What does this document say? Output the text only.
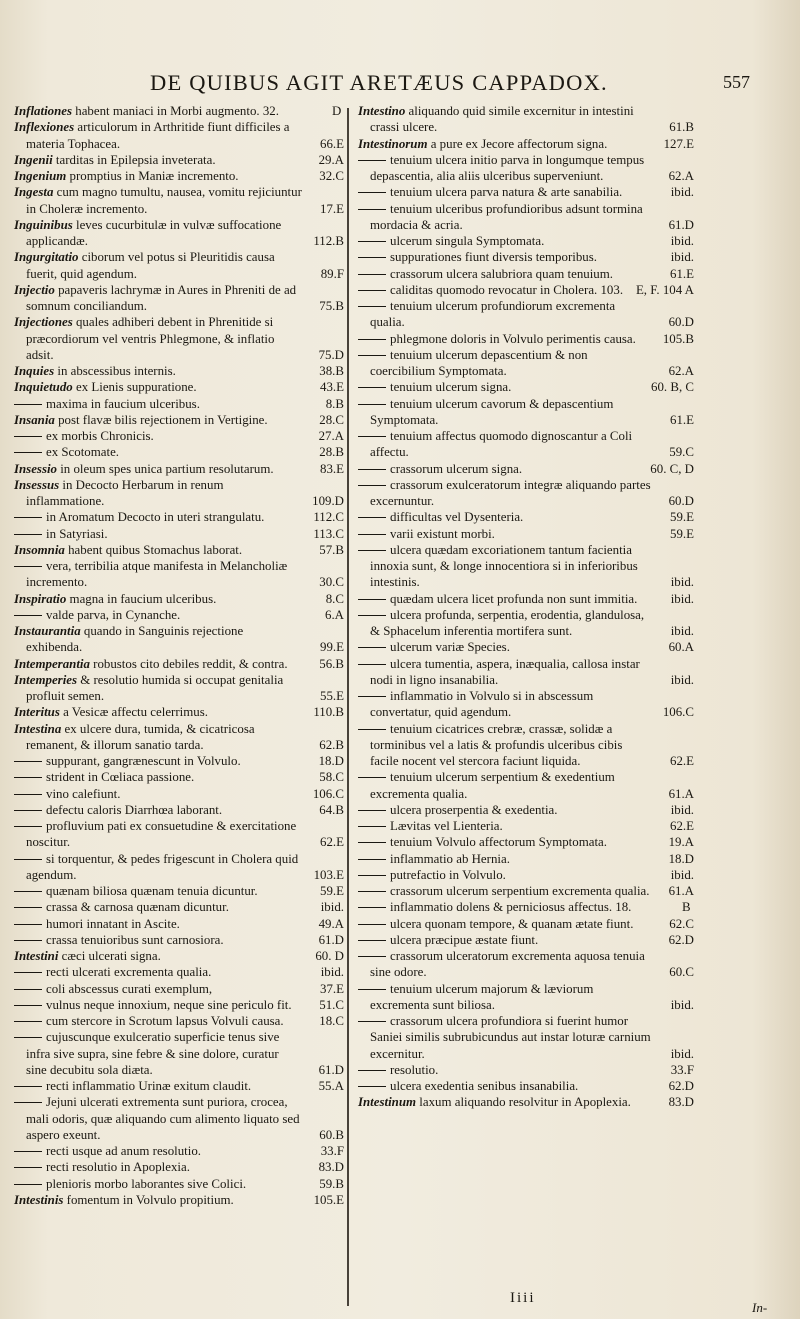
DE QUIBUS AGIT ARETÆUS CAPPADOX.	557
Inflationes habent maniaci in Morbi augmento. 32.	D
Inflexiones articulorum in Arthritide fiunt difficiles a materia Tophacea.	66.E
Ingenii tarditas in Epilepsia inveterata.	29.A
Ingenium promptius in Maniæ incremento.	32.C
Ingesta cum magno tumultu, nausea, vomitu rejiciuntur in Choleræ incremento.	17.E
Inguinibus leves cucurbitulæ in vulvæ suffocatione applicandæ.	112.B
Ingurgitatio ciborum vel potus si Pleuritidis causa fuerit, quid agendum.	89.F
Injectio papaveris lachrymæ in Aures in Phreniti de ad somnum conciliandum.	75.B
Injectiones quales adhiberi debent in Phrenitide si præcordiorum vel ventris Phlegmone, & inflatio adsit.	75.D
Inquies in abscessibus internis.	38.B
Inquietudo ex Lienis suppuratione.	43.E
maxima in faucium ulceribus.	8.B
Insania post flavæ bilis rejectionem in Vertigine.	28.C
ex morbis Chronicis.	27.A
ex Scotomate.	28.B
Insessio in oleum spes unica partium resolutarum.	83.E
Insessus in Decocto Herbarum in renum inflammatione.	109.D
in Aromatum Decocto in uteri strangulatu.	112.C
in Satyriasi.	113.C
Insomnia habent quibus Stomachus laborat.	57.B
vera, terribilia atque manifesta in Melancholiæ incremento.	30.C
Inspiratio magna in faucium ulceribus.	8.C
valde parva, in Cynanche.	6.A
Instaurantia quando in Sanguinis rejectione exhibenda.	99.E
Intemperantia robustos cito debiles reddit, & contra. 56.B
Intemperies & resolutio humida si occupat genitalia profluit semen.	55.E
Interitus a Vesicæ affectu celerrimus.	110.B
Intestina ex ulcere dura, tumida, & cicatricosa remanent, & illorum sanatio tarda.	62.B
suppurant, gangrænescunt in Volvulo.	18.D
strident in Cœliaca passione.	58.C
vino calefiunt.	106.C
defectu caloris Diarrhœa laborant.	64.B
profluvium pati ex consuetudine & exercitatione noscitur.	62.E
si torquentur, & pedes frigescunt in Cholera quid agendum.	103.E
quænam biliosa quænam tenuia dicuntur.	59.E
crassa & carnosa quænam dicuntur.	ibid.
humori innatant in Ascite.	49.A
crassa tenuioribus sunt carnosiora.	61.D
Intestini cæci ulcerati signa.	60. D
recti ulcerati excrementa qualia.	ibid.
coli abscessus curati exemplum,	37.E
vulnus neque innoxium, neque sine periculo fit. 51.C
cum stercore in Scrotum lapsus Volvuli causa.	18.C
cujuscunque exulceratio superficie tenus sive infra sive supra, sine febre & sine dolore, curatur sine decubitu sola diæta.	61.D
recti inflammatio Urinæ exitum claudit.	55.A
Jejuni ulcerati extrementa sunt puriora, crocea, mali odoris, quæ aliquando cum alimento liquato sed aspero exeunt.	60.B
recti usque ad anum resolutio.	33.F
recti resolutio in Apoplexia.	83.D
plenioris morbo laborantes sive Colici.	59.B
Intestinis fomentum in Volvulo propitium.	105.E
Intestino aliquando quid simile excernitur in intestini crassi ulcere.	61.B
Intestinorum a pure ex Jecore affectorum signa.	127.E
tenuium ulcera initio parva in longumque tempus depascentia, alia aliis ulceribus superveniunt.	62.A
tenuium ulcera parva natura & arte sanabilia.	ibid.
tenuium ulceribus profundioribus adsunt tormina mordacia & acria.	61.D
ulcerum singula Symptomata.	ibid.
suppurationes fiunt diversis temporibus.	ibid.
crassorum ulcera salubriora quam tenuium.	61.E
caliditas quomodo revocatur in Cholera. 103. E, F. 104 A
tenuium ulcerum profundiorum excrementa qualia.	60.D
phlegmone doloris in Volvulo perimentis causa. 105.B
tenuium ulcerum depascentium & non coercibilium Symptomata.	62.A
tenuium ulcerum signa.	60. B, C
tenuium ulcerum cavorum & depascentium Symptomata.	61.E
tenuium affectus quomodo dignoscantur a Coli affectu.	59.C
crassorum ulcerum signa.	60. C, D
crassorum exulceratorum integræ aliquando partes excernuntur.	60.D
difficultas vel Dysenteria.	59.E
varii existunt morbi.	59.E
ulcera quædam excoriationem tantum facientia innoxia sunt, & longe innocentiora si in inferioribus intestinis.	ibid.
quædam ulcera licet profunda non sunt immitia.	ibid.
ulcera profunda, serpentia, erodentia, glandulosa, & Sphacelum inferentia mortifera sunt.	ibid.
ulcerum variæ Species.	60.A
ulcera tumentia, aspera, inæqualia, callosa instar nodi in ligno insanabilia.	ibid.
inflammatio in Volvulo si in abscessum convertatur, quid agendum.	106.C
tenuium cicatrices crebræ, crassæ, solidæ a torminibus vel a latis & profundis ulceribus cibis facile nocent vel stercora faciunt liquida.	62.E
tenuium ulcerum serpentium & exedentium excrementa qualia.	61.A
ulcera proserpentia & exedentia.	ibid.
Lævitas vel Lienteria.	62.E
tenuium Volvulo affectorum Symptomata.	19.A
inflammatio ab Hernia.	18.D
putrefactio in Volvulo.	ibid.
crassorum ulcerum serpentium excrementa qualia. 61.A
inflammatio dolens & perniciosus affectus. 18.	B
ulcera quonam tempore, & quanam ætate fiunt.	62.C
ulcera præcipue æstate fiunt.	62.D
crassorum ulceratorum excrementa aquosa tenuia sine odore.	60.C
tenuium ulcerum majorum & læviorum excrementa sunt biliosa.	ibid.
crassorum ulcera profundiora si fuerint humor Saniei similis subrubicundus aut instar loturæ carnium excernitur.	ibid.
resolutio.	33.F
ulcera exedentia senibus insanabilia.	62.D
Intestinum laxum aliquando resolvitur in Apoplexia.	83.D
Iiii
In-
